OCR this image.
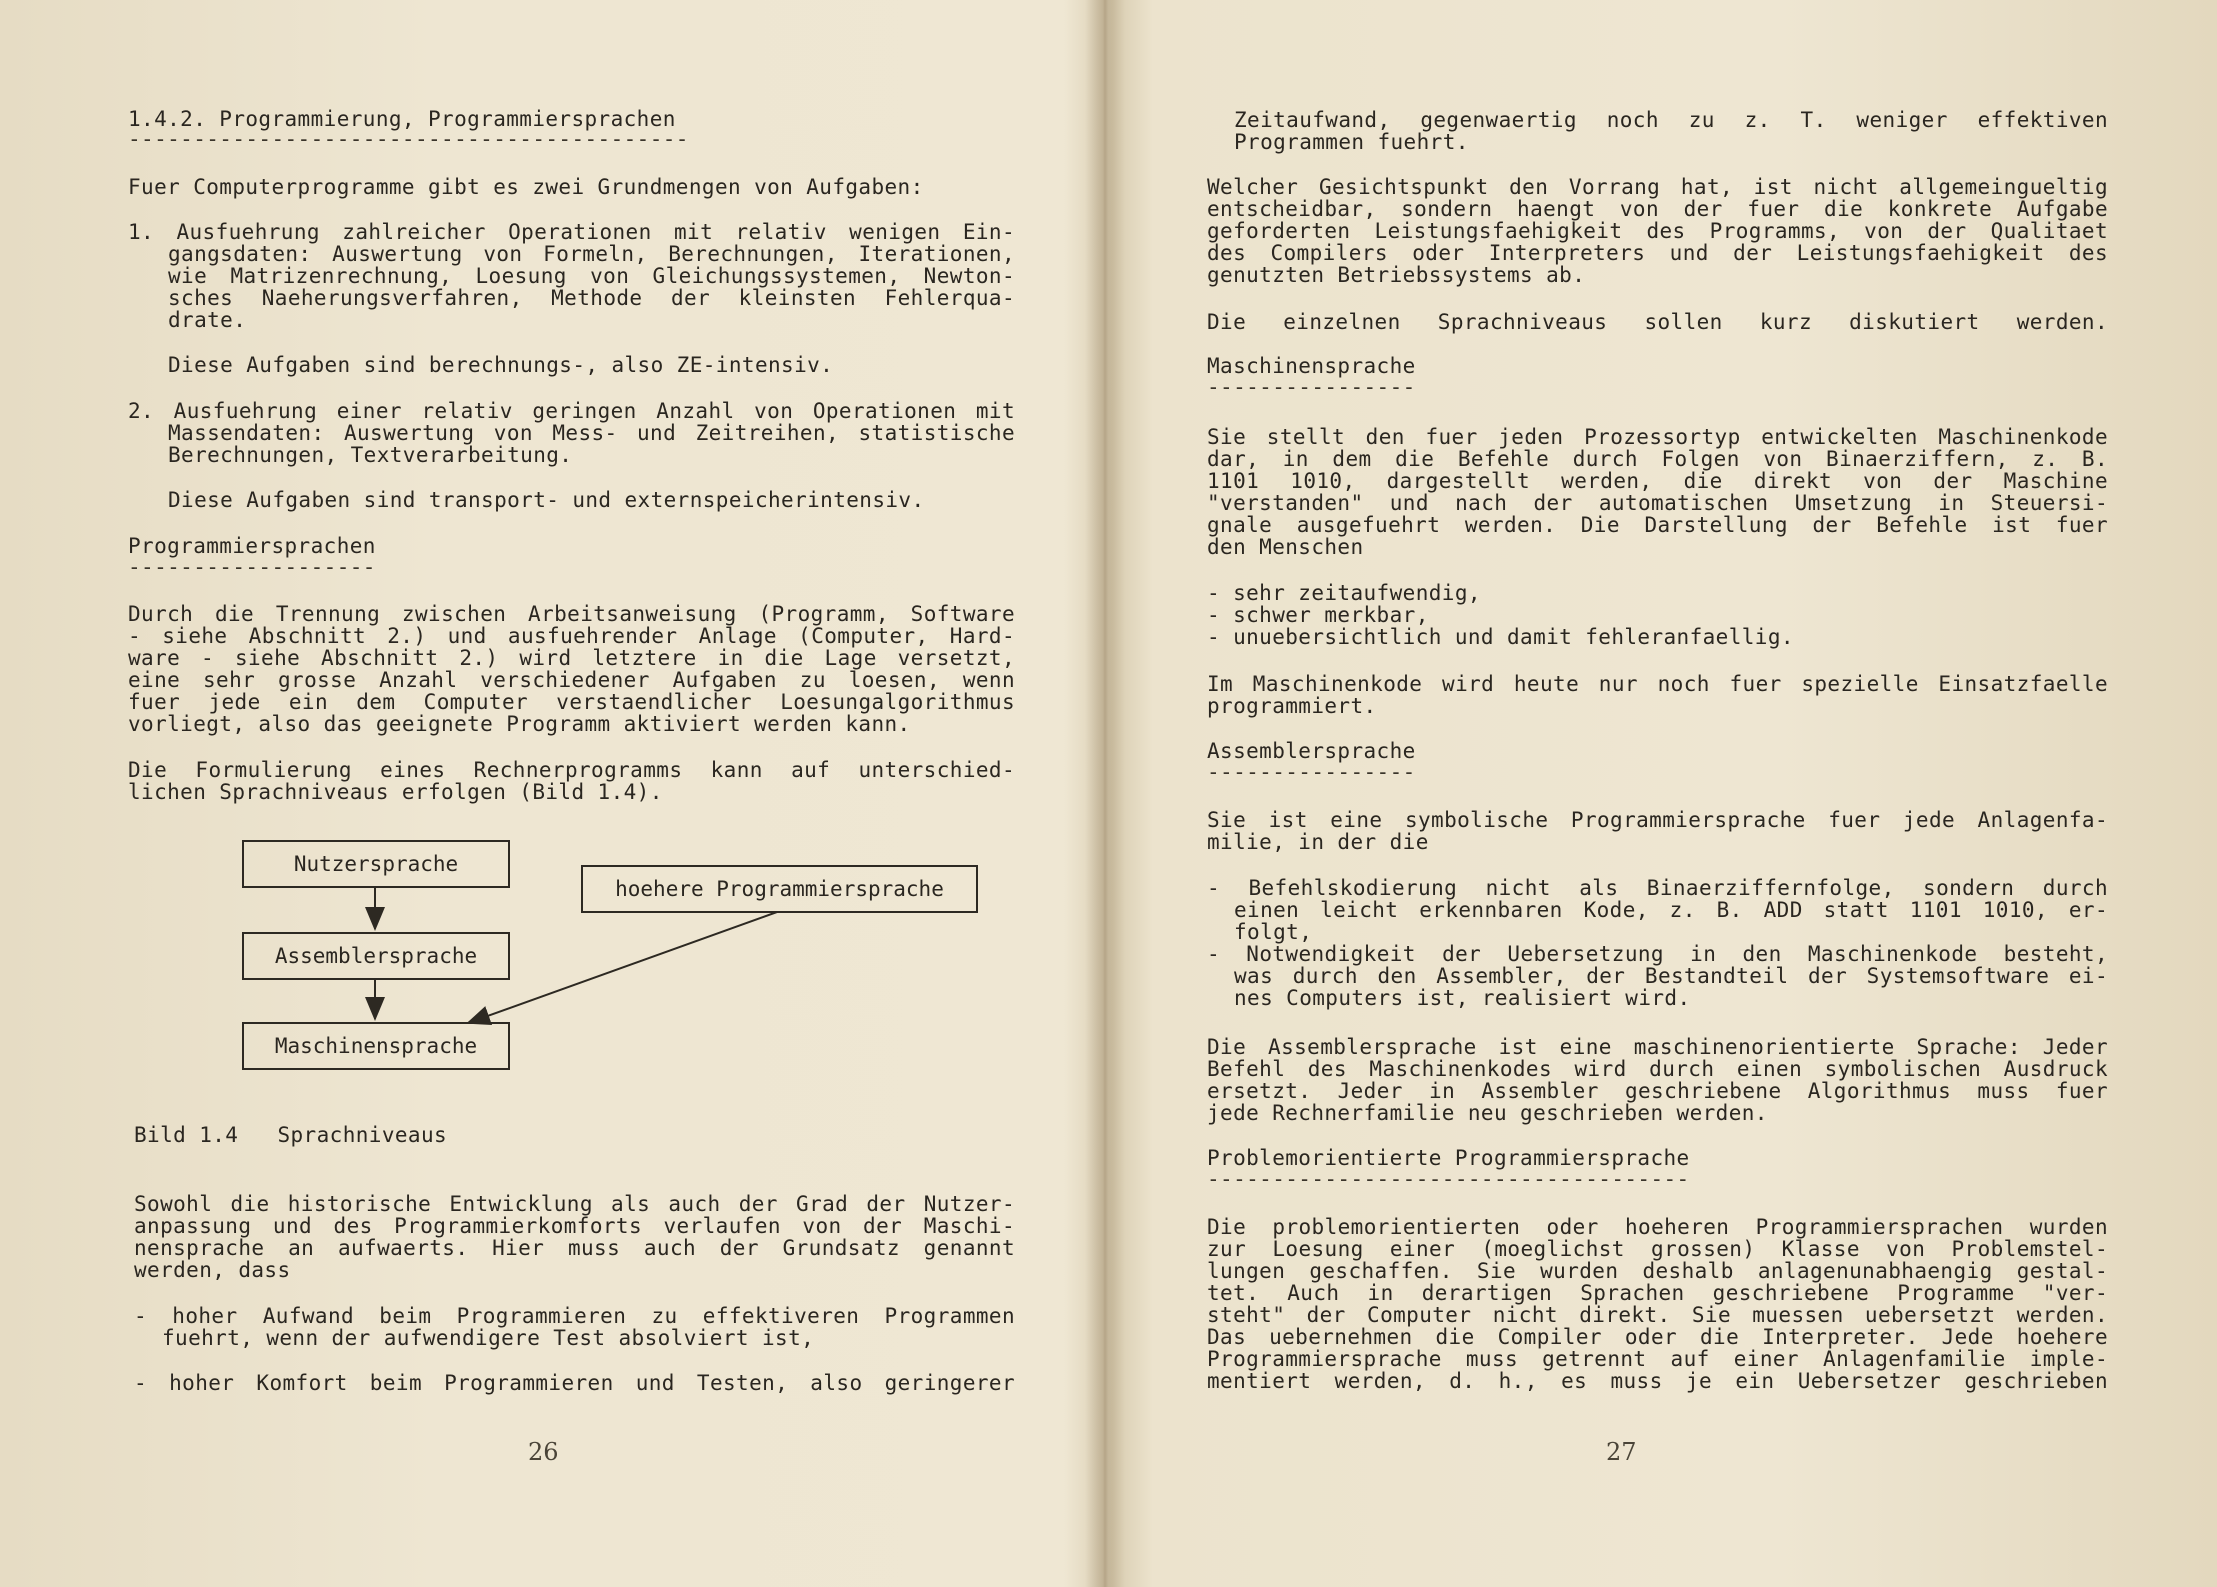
1.4.2. Programmierung, Programmiersprachen
-------------------------------------------
Fuer Computerprogramme gibt es zwei Grundmengen von Aufgaben:
1. Ausfuehrung zahlreicher Operationen mit relativ wenigen Ein-
gangsdaten: Auswertung von Formeln, Berechnungen, Iterationen,
wie Matrizenrechnung, Loesung von Gleichungssystemen, Newton-
sches Naeherungsverfahren, Methode der kleinsten Fehlerqua-
drate.
Diese Aufgaben sind berechnungs-, also ZE-intensiv.
2. Ausfuehrung einer relativ geringen Anzahl von Operationen mit
Massendaten: Auswertung von Mess- und Zeitreihen, statistische
Berechnungen, Textverarbeitung.
Diese Aufgaben sind transport- und externspeicherintensiv.
Programmiersprachen
-------------------
Durch die Trennung zwischen Arbeitsanweisung (Programm, Software
- siehe Abschnitt 2.) und ausfuehrender Anlage (Computer, Hard-
ware - siehe Abschnitt 2.) wird letztere in die Lage versetzt,
eine sehr grosse Anzahl verschiedener Aufgaben zu loesen, wenn
fuer jede ein dem Computer verstaendlicher Loesungalgorithmus
vorliegt, also das geeignete Programm aktiviert werden kann.
Die Formulierung eines Rechnerprogramms kann auf unterschied-
lichen Sprachniveaus erfolgen (Bild 1.4).
Nutzersprache
hoehere Programmiersprache
Assemblersprache
Maschinensprache
Bild 1.4   Sprachniveaus
Sowohl die historische Entwicklung als auch der Grad der Nutzer-
anpassung und des Programmierkomforts verlaufen von der Maschi-
nensprache an aufwaerts. Hier muss auch der Grundsatz genannt
werden, dass
- hoher Aufwand beim Programmieren zu effektiveren Programmen
fuehrt, wenn der aufwendigere Test absolviert ist,
- hoher Komfort beim Programmieren und Testen, also geringerer
26
Zeitaufwand, gegenwaertig noch zu z. T. weniger effektiven
Programmen fuehrt.
Welcher Gesichtspunkt den Vorrang hat, ist nicht allgemeingueltig
entscheidbar, sondern haengt von der fuer die konkrete Aufgabe
geforderten Leistungsfaehigkeit des Programms, von der Qualitaet
des Compilers oder Interpreters und der Leistungsfaehigkeit des
genutzten Betriebssystems ab.
Die einzelnen Sprachniveaus sollen kurz diskutiert werden.
Maschinensprache
----------------
Sie stellt den fuer jeden Prozessortyp entwickelten Maschinenkode
dar, in dem die Befehle durch Folgen von Binaerziffern, z. B.
1101 1010, dargestellt werden, die direkt von der Maschine
"verstanden" und nach der automatischen Umsetzung in Steuersi-
gnale ausgefuehrt werden. Die Darstellung der Befehle ist fuer
den Menschen
- sehr zeitaufwendig,
- schwer merkbar,
- unuebersichtlich und damit fehleranfaellig.
Im Maschinenkode wird heute nur noch fuer spezielle Einsatzfaelle
programmiert.
Assemblersprache
----------------
Sie ist eine symbolische Programmiersprache fuer jede Anlagenfa-
milie, in der die
- Befehlskodierung nicht als Binaerziffernfolge, sondern durch
einen leicht erkennbaren Kode, z. B. ADD statt 1101 1010, er-
folgt,
- Notwendigkeit der Uebersetzung in den Maschinenkode besteht,
was durch den Assembler, der Bestandteil der Systemsoftware ei-
nes Computers ist, realisiert wird.
Die Assemblersprache ist eine maschinenorientierte Sprache: Jeder
Befehl des Maschinenkodes wird durch einen symbolischen Ausdruck
ersetzt. Jeder in Assembler geschriebene Algorithmus muss fuer
jede Rechnerfamilie neu geschrieben werden.
Problemorientierte Programmiersprache
-------------------------------------
Die problemorientierten oder hoeheren Programmiersprachen wurden
zur Loesung einer (moeglichst grossen) Klasse von Problemstel-
lungen geschaffen. Sie wurden deshalb anlagenunabhaengig gestal-
tet. Auch in derartigen Sprachen geschriebene Programme "ver-
steht" der Computer nicht direkt. Sie muessen uebersetzt werden.
Das uebernehmen die Compiler oder die Interpreter. Jede hoehere
Programmiersprache muss getrennt auf einer Anlagenfamilie imple-
mentiert werden, d. h., es muss je ein Uebersetzer geschrieben
27
